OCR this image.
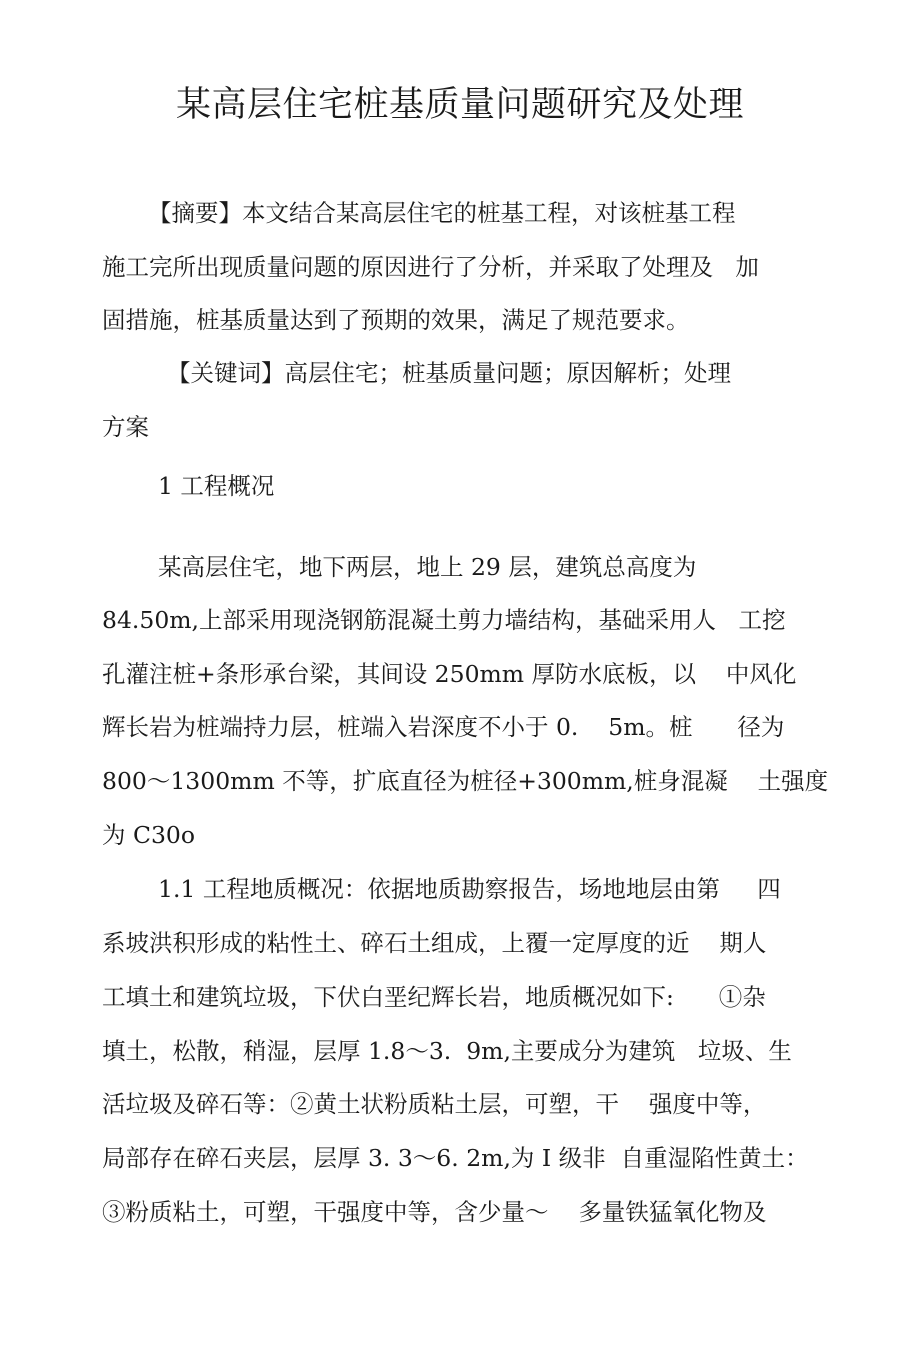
某高层住宅桩基质量问题研究及处理
【摘要】本文结合某高层住宅的桩基工程，对该桩基工程
施工完所出现质量问题的原因进行了分析，并采取了处理及   加
固措施，桩基质量达到了预期的效果，满足了规范要求。
【关键词】高层住宅；桩基质量问题；原因解析；处理
方案
1 工程概况
某高层住宅，地下两层，地上 29 层，建筑总高度为
84.50m,上部采用现浇钢筋混凝土剪力墙结构，基础采用人   工挖
孔灌注桩+条形承台梁，其间设 250mm 厚防水底板，以    中风化
辉长岩为桩端持力层，桩端入岩深度不小于 0.    5m。桩      径为
800～1300mm 不等，扩底直径为桩径+300mm,桩身混凝    土强度
为 C30o
1.1 工程地质概况：依据地质勘察报告，场地地层由第     四
系坡洪积形成的粘性土、碎石土组成，上覆一定厚度的近    期人
工填土和建筑垃圾，下伏白垩纪辉长岩，地质概况如下:      ①杂
填土，松散，稍湿，层厚 1.8～3.  9m,主要成分为建筑   垃圾、生
活垃圾及碎石等：②黄土状粉质粘土层，可塑，干    强度中等，
局部存在碎石夹层，层厚 3. 3～6. 2m,为 I 级非  自重湿陷性黄土：
③粉质粘土，可塑，干强度中等，含少量～    多量铁猛氧化物及
